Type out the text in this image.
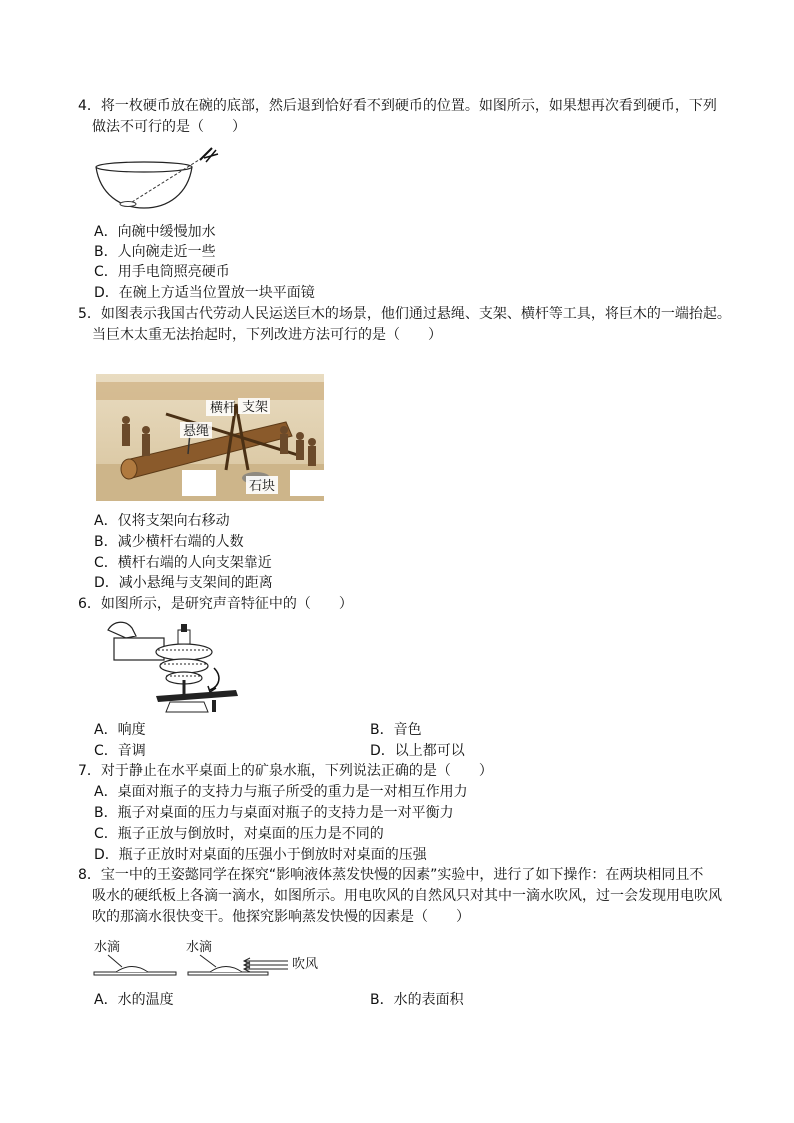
4．将一枚硬币放在碗的底部，然后退到恰好看不到硬币的位置。如图所示，如果想再次看到硬币，下列
做法不可行的是（　　）
A．向碗中缓慢加水
B．人向碗走近一些
C．用手电筒照亮硬币
D．在碗上方适当位置放一块平面镜
5．如图表示我国古代劳动人民运送巨木的场景，他们通过悬绳、支架、横杆等工具，将巨木的一端抬起。
当巨木太重无法抬起时，下列改进方法可行的是（　　）
横杆 支架
悬绳
石块
A．仅将支架向右移动
B．减少横杆右端的人数
C．横杆右端的人向支架靠近
D．减小悬绳与支架间的距离
6．如图所示，是研究声音特征中的（　　）
A．响度	B．音色
C．音调	D．以上都可以
7．对于静止在水平桌面上的矿泉水瓶，下列说法正确的是（　　）
A．桌面对瓶子的支持力与瓶子所受的重力是一对相互作用力
B．瓶子对桌面的压力与桌面对瓶子的支持力是一对平衡力
C．瓶子正放与倒放时，对桌面的压力是不同的
D．瓶子正放时对桌面的压强小于倒放时对桌面的压强
8．宝一中的王姿懿同学在探究“影响液体蒸发快慢的因素”实验中，进行了如下操作：在两块相同且不
吸水的硬纸板上各滴一滴水，如图所示。用电吹风的自然风只对其中一滴水吹风，过一会发现用电吹风
吹的那滴水很快变干。他探究影响蒸发快慢的因素是（　　）
水滴	水滴
吹风
A．水的温度	B．水的表面积
